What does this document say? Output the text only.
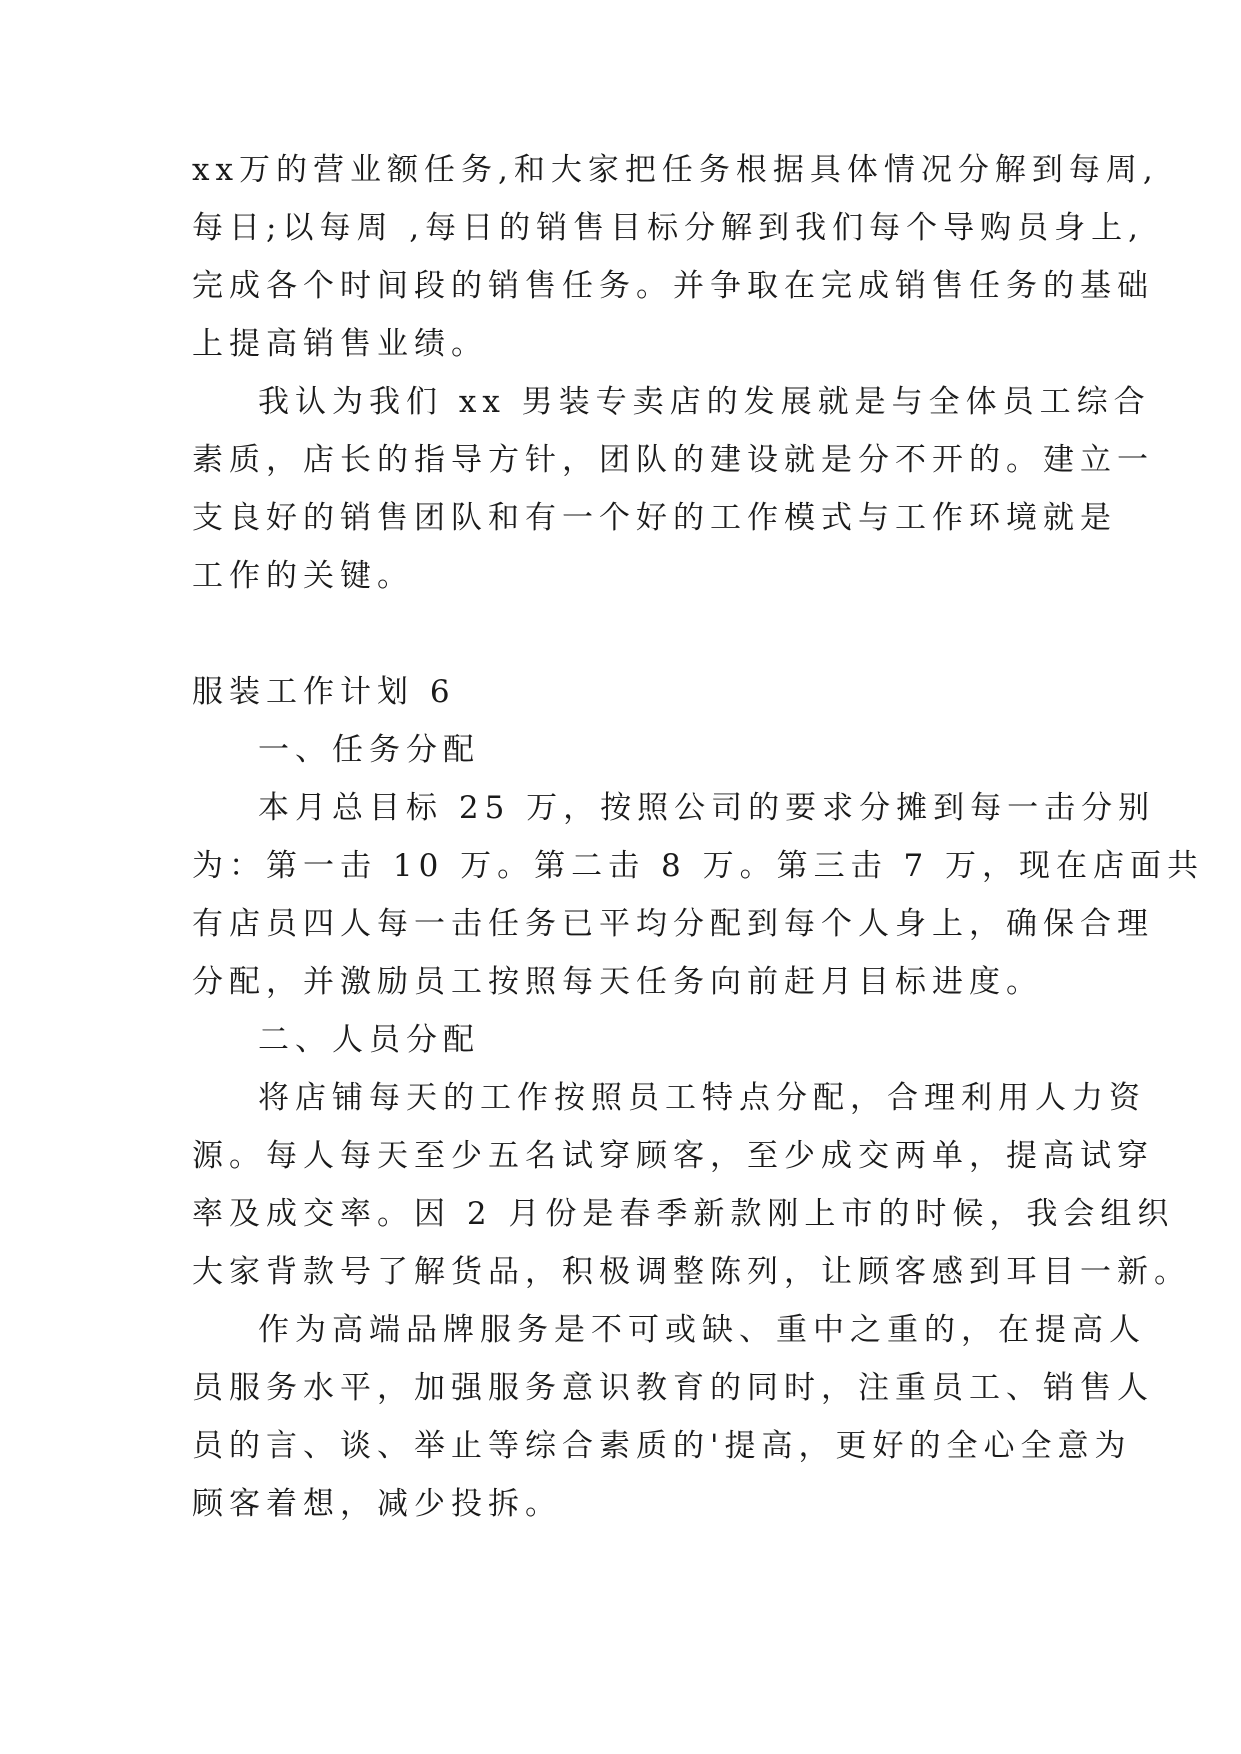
xx万的营业额任务,和大家把任务根据具体情况分解到每周,
每日;以每周 ,每日的销售目标分解到我们每个导购员身上,
完成各个时间段的销售任务。并争取在完成销售任务的基础
上提高销售业绩。
我认为我们 xx 男装专卖店的发展就是与全体员工综合
素质，店长的指导方针，团队的建设就是分不开的。建立一
支良好的销售团队和有一个好的工作模式与工作环境就是
工作的关键。
服装工作计划 6
一、任务分配
本月总目标 25 万，按照公司的要求分摊到每一击分别
为：第一击 10 万。第二击 8 万。第三击 7 万，现在店面共
有店员四人每一击任务已平均分配到每个人身上，确保合理
分配，并激励员工按照每天任务向前赶月目标进度。
二、人员分配
将店铺每天的工作按照员工特点分配，合理利用人力资
源。每人每天至少五名试穿顾客，至少成交两单，提高试穿
率及成交率。因 2 月份是春季新款刚上市的时候，我会组织
大家背款号了解货品，积极调整陈列，让顾客感到耳目一新。
作为高端品牌服务是不可或缺、重中之重的，在提高人
员服务水平，加强服务意识教育的同时，注重员工、销售人
员的言、谈、举止等综合素质的'提高，更好的全心全意为
顾客着想，减少投拆。
